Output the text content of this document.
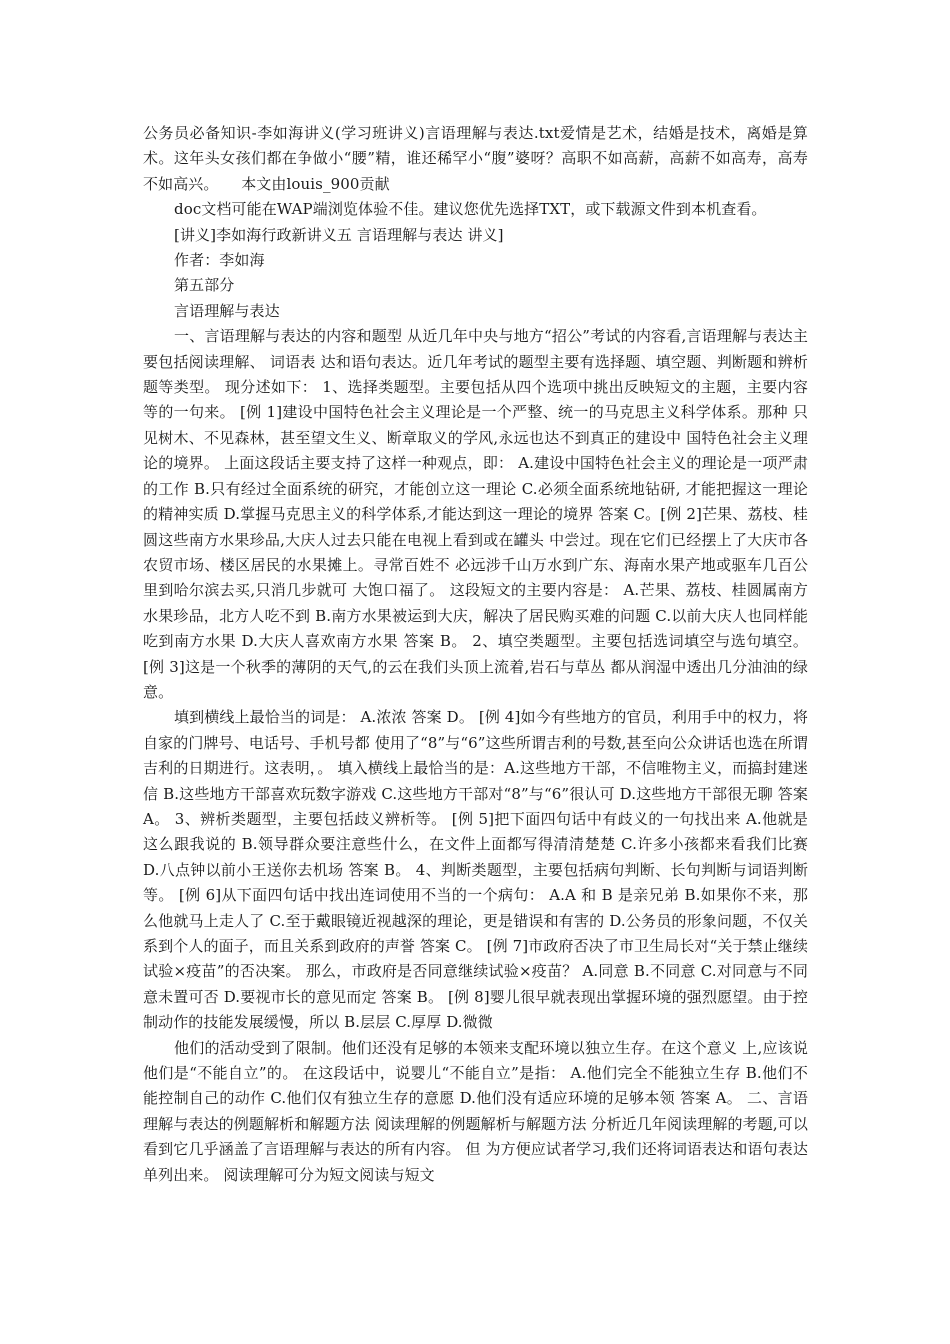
公务员必备知识-李如海讲义(学习班讲义)言语理解与表达.txt爱情是艺术，结婚是技术，离婚是算术。这年头女孩们都在争做小“腰”精，谁还稀罕小“腹”婆呀？高职不如高薪，高薪不如高寿，高寿不如高兴。　　本文由louis_900贡献

doc文档可能在WAP端浏览体验不佳。建议您优先选择TXT，或下载源文件到本机查看。

[讲义]李如海行政新讲义五 言语理解与表达 讲义]

作者：李如海

第五部分

言语理解与表达

一、言语理解与表达的内容和题型 从近几年中央与地方“招公”考试的内容看,言语理解与表达主要包括阅读理解、 词语表 达和语句表达。近几年考试的题型主要有选择题、填空题、判断题和辨析题等类型。 现分述如下： 1、选择类题型。主要包括从四个选项中挑出反映短文的主题，主要内容等的一句来。 [例 1]建设中国特色社会主义理论是一个严整、统一的马克思主义科学体系。那种 只见树木、不见森林，甚至望文生义、断章取义的学风,永远也达不到真正的建设中 国特色社会主义理论的境界。 上面这段话主要支持了这样一种观点，即： A.建设中国特色社会主义的理论是一项严肃的工作 B.只有经过全面系统的研究，才能创立这一理论 C.必须全面系统地钻研, 才能把握这一理论的精神实质 D.掌握马克思主义的科学体系,才能达到这一理论的境界 答案 C。[例 2]芒果、荔枝、桂圆这些南方水果珍品,大庆人过去只能在电视上看到或在罐头 中尝过。现在它们已经摆上了大庆市各农贸市场、楼区居民的水果摊上。寻常百姓不 必远涉千山万水到广东、海南水果产地或驱车几百公里到哈尔滨去买,只消几步就可 大饱口福了。 这段短文的主要内容是： A.芒果、荔枝、桂圆属南方水果珍品，北方人吃不到 B.南方水果被运到大庆，解决了居民购买难的问题 C.以前大庆人也同样能吃到南方水果 D.大庆人喜欢南方水果 答案 B。 2、填空类题型。主要包括选词填空与选句填空。[例 3]这是一个秋季的薄阴的天气,的云在我们头顶上流着,岩石与草丛 都从润湿中透出几分油油的绿意。

填到横线上最恰当的词是： A.浓浓 答案 D。 [例 4]如今有些地方的官员，利用手中的权力，将自家的门牌号、电话号、手机号都 使用了“8”与“6”这些所谓吉利的号数,甚至向公众讲话也选在所谓吉利的日期进行。这表明，。 填入横线上最恰当的是：A.这些地方干部，不信唯物主义，而搞封建迷信 B.这些地方干部喜欢玩数字游戏 C.这些地方干部对“8”与“6”很认可 D.这些地方干部很无聊 答案 A。 3、辨析类题型，主要包括歧义辨析等。 [例 5]把下面四句话中有歧义的一句找出来 A.他就是这么跟我说的 B.领导群众要注意些什么，在文件上面都写得清清楚楚 C.许多小孩都来看我们比赛 D.八点钟以前小王送你去机场 答案 B。 4、判断类题型，主要包括病句判断、长句判断与词语判断等。 [例 6]从下面四句话中找出连词使用不当的一个病句： A.A 和 B 是亲兄弟 B.如果你不来，那么他就马上走人了 C.至于戴眼镜近视越深的理论，更是错误和有害的 D.公务员的形象问题，不仅关系到个人的面子，而且关系到政府的声誉 答案 C。 [例 7]市政府否决了市卫生局长对“关于禁止继续试验×疫苗”的否决案。 那么，市政府是否同意继续试验×疫苗？ A.同意 B.不同意 C.对同意与不同意未置可否 D.要视市长的意见而定 答案 B。 [例 8]婴儿很早就表现出掌握环境的强烈愿望。由于控制动作的技能发展缓慢，所以 B.层层 C.厚厚 D.微微

他们的活动受到了限制。他们还没有足够的本领来支配环境以独立生存。在这个意义 上,应该说他们是“不能自立”的。 在这段话中，说婴儿“不能自立”是指： A.他们完全不能独立生存 B.他们不能控制自己的动作 C.他们仅有独立生存的意愿 D.他们没有适应环境的足够本领 答案 A。 二、言语理解与表达的例题解析和解题方法 阅读理解的例题解析与解题方法 分析近几年阅读理解的考题,可以看到它几乎涵盖了言语理解与表达的所有内容。 但 为方便应试者学习,我们还将词语表达和语句表达单列出来。 阅读理解可分为短文阅读与短文
